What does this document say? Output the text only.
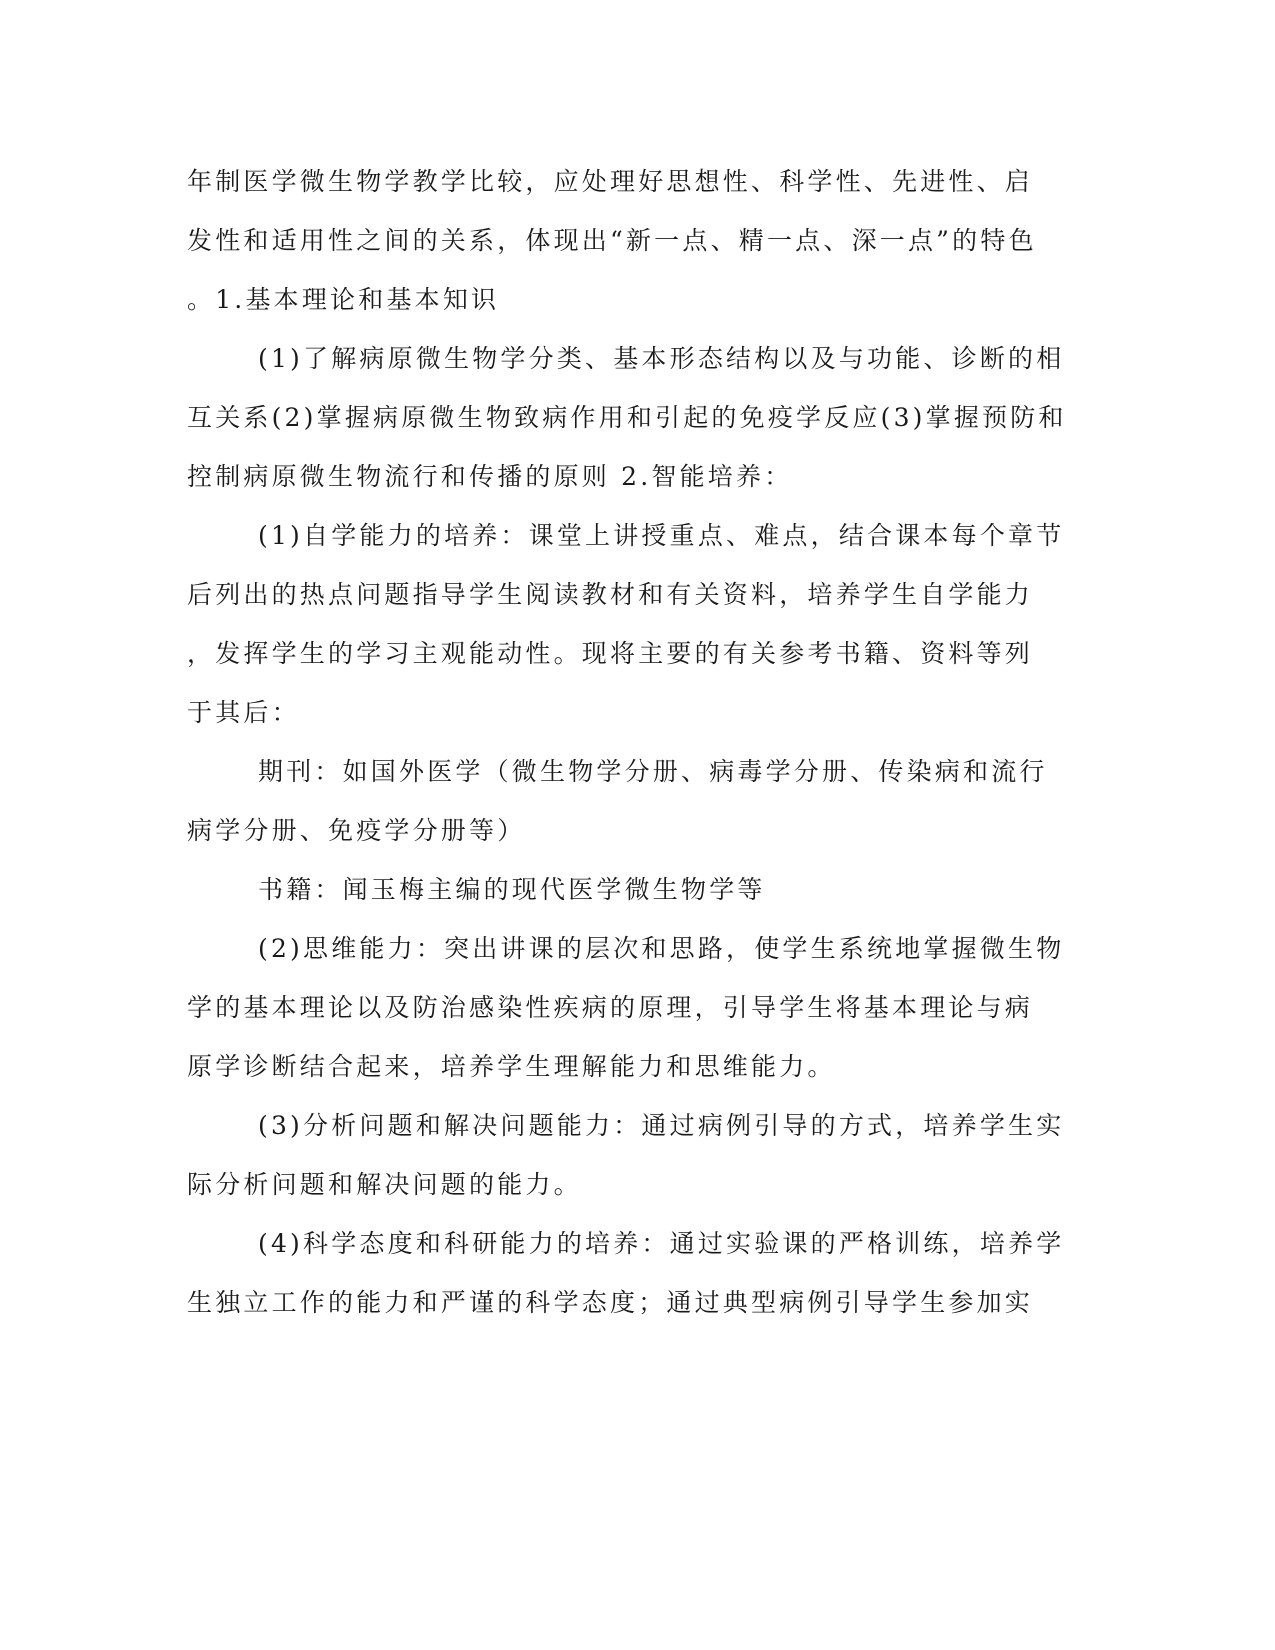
年制医学微生物学教学比较，应处理好思想性、科学性、先进性、启
发性和适用性之间的关系，体现出“新一点、精一点、深一点”的特色
。1.基本理论和基本知识
(1)了解病原微生物学分类、基本形态结构以及与功能、诊断的相
互关系(2)掌握病原微生物致病作用和引起的免疫学反应(3)掌握预防和
控制病原微生物流行和传播的原则 2.智能培养：
(1)自学能力的培养：课堂上讲授重点、难点，结合课本每个章节
后列出的热点问题指导学生阅读教材和有关资料，培养学生自学能力
，发挥学生的学习主观能动性。现将主要的有关参考书籍、资料等列
于其后：
期刊：如国外医学（微生物学分册、病毒学分册、传染病和流行
病学分册、免疫学分册等）
书籍：闻玉梅主编的现代医学微生物学等
(2)思维能力：突出讲课的层次和思路，使学生系统地掌握微生物
学的基本理论以及防治感染性疾病的原理，引导学生将基本理论与病
原学诊断结合起来，培养学生理解能力和思维能力。
(3)分析问题和解决问题能力：通过病例引导的方式，培养学生实
际分析问题和解决问题的能力。
(4)科学态度和科研能力的培养：通过实验课的严格训练，培养学
生独立工作的能力和严谨的科学态度；通过典型病例引导学生参加实
